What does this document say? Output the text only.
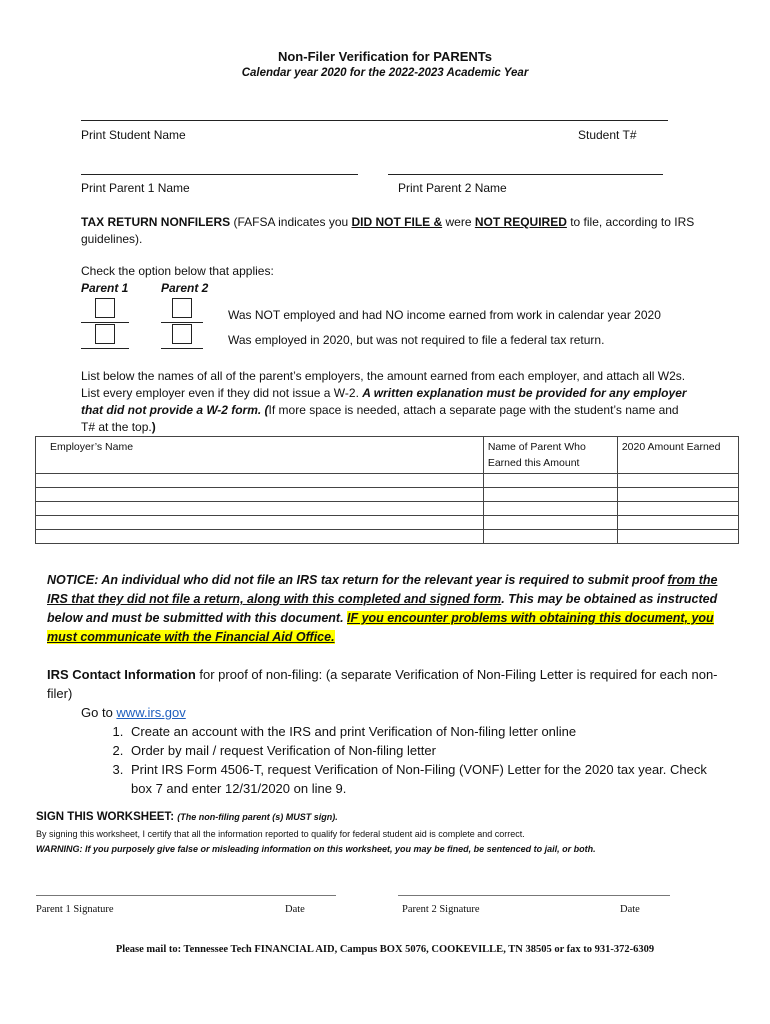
Non-Filer Verification for PARENTs
Calendar year 2020 for the 2022-2023 Academic Year
Print Student Name	Student T#
Print Parent 1 Name	Print Parent 2 Name
TAX RETURN NONFILERS (FAFSA indicates you DID NOT FILE & were NOT REQUIRED to file, according to IRS guidelines).
Check the option below that applies:
Parent 1	Parent 2
Was NOT employed and had NO income earned from work in calendar year 2020
Was employed in 2020, but was not required to file a federal tax return.
List below the names of all of the parent’s employers, the amount earned from each employer, and attach all W2s. List every employer even if they did not issue a W-2. A written explanation must be provided for any employer that did not provide a W-2 form. (If more space is needed, attach a separate page with the student’s name and T# at the top.)
Employer’s Name	Name of Parent Who Earned this Amount	2020 Amount Earned

NOTICE: An individual who did not file an IRS tax return for the relevant year is required to submit proof from the IRS that they did not file a return, along with this completed and signed form. This may be obtained as instructed below and must be submitted with this document. IF you encounter problems with obtaining this document, you must communicate with the Financial Aid Office.
IRS Contact Information for proof of non-filing: (a separate Verification of Non-Filing Letter is required for each non-filer)
Go to www.irs.gov
1. Create an account with the IRS and print Verification of Non-filing letter online
2. Order by mail / request Verification of Non-filing letter
3. Print IRS Form 4506-T, request Verification of Non-Filing (VONF) Letter for the 2020 tax year. Check box 7 and enter 12/31/2020 on line 9.
SIGN THIS WORKSHEET: (The non-filing parent (s) MUST sign).
By signing this worksheet, I certify that all the information reported to qualify for federal student aid is complete and correct.
WARNING: If you purposely give false or misleading information on this worksheet, you may be fined, be sentenced to jail, or both.
Parent 1 Signature	Date	Parent 2 Signature	Date
Please mail to: Tennessee Tech FINANCIAL AID, Campus BOX 5076, COOKEVILLE, TN 38505 or fax to 931-372-6309
